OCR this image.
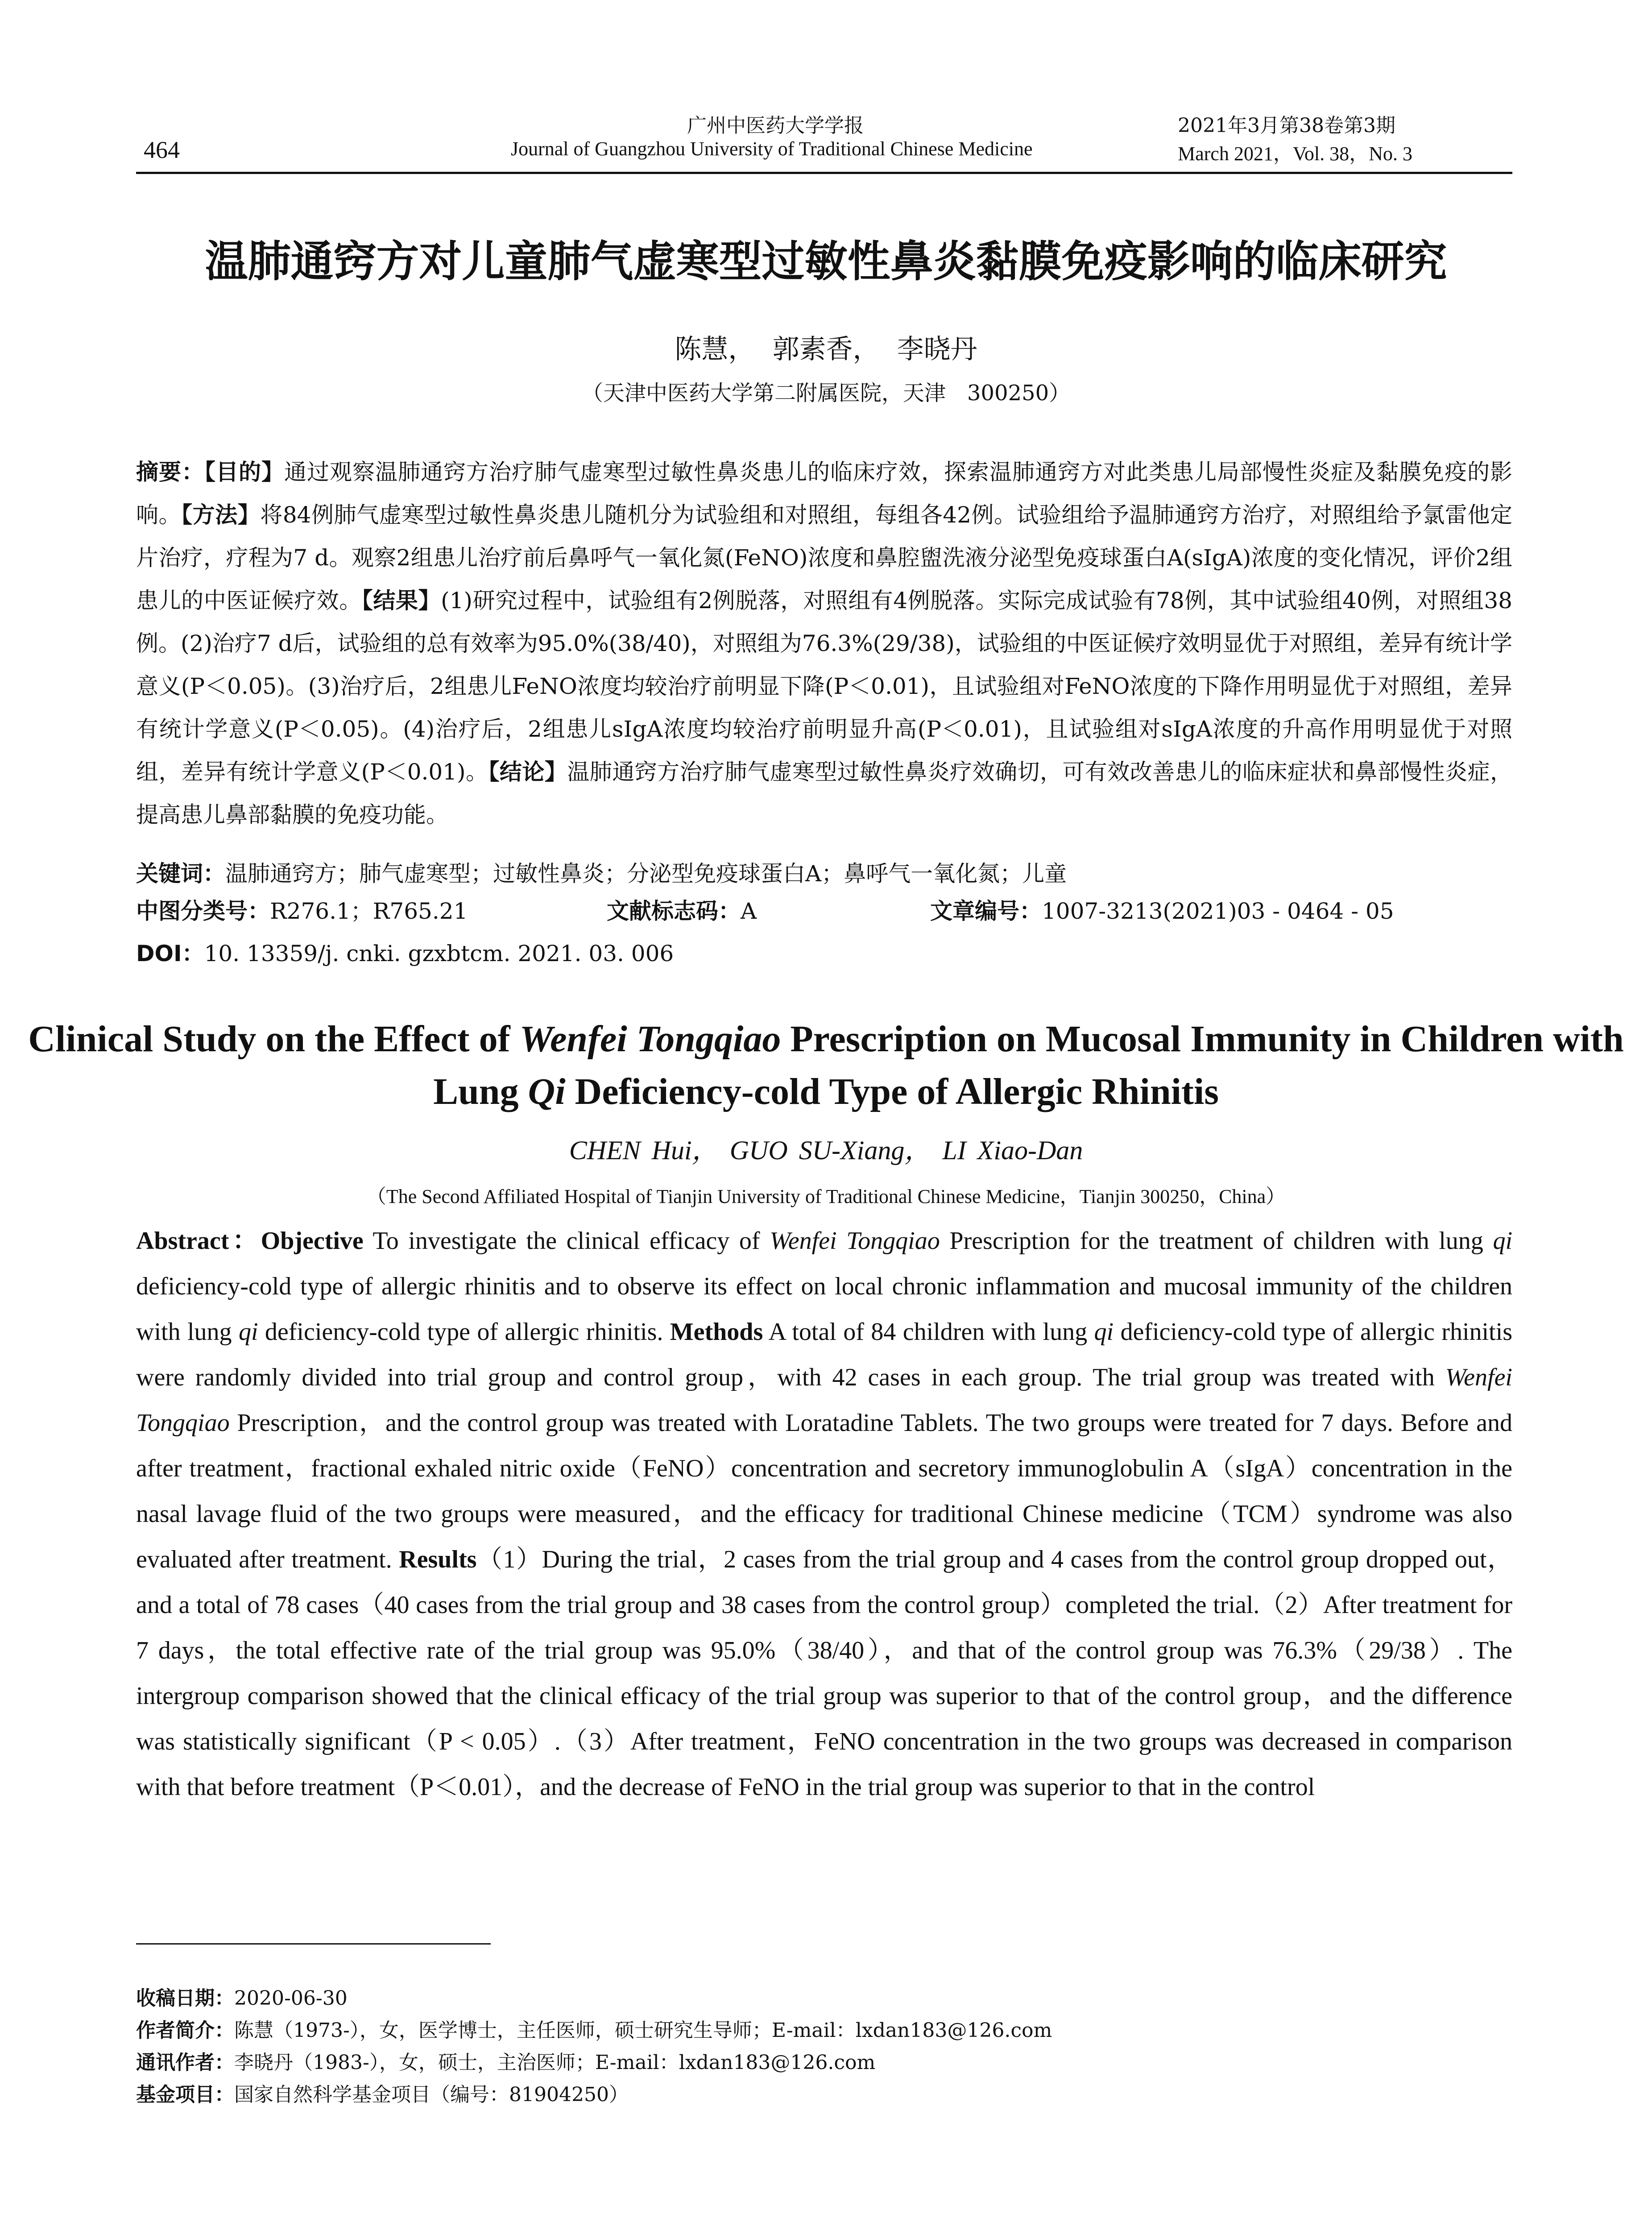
464
广州中医药大学学报
Journal of Guangzhou University of Traditional Chinese Medicine
2021年3月第38卷第3期
March 2021，Vol. 38，No. 3
温肺通窍方对儿童肺气虚寒型过敏性鼻炎黏膜免疫影响的临床研究
陈慧， 郭素香， 李晓丹
（天津中医药大学第二附属医院，天津　300250）
摘要：【目的】通过观察温肺通窍方治疗肺气虚寒型过敏性鼻炎患儿的临床疗效，探索温肺通窍方对此类患儿局部慢性炎症及黏膜免疫的影响。【方法】将84例肺气虚寒型过敏性鼻炎患儿随机分为试验组和对照组，每组各42例。试验组给予温肺通窍方治疗，对照组给予氯雷他定片治疗，疗程为7 d。观察2组患儿治疗前后鼻呼气一氧化氮(FeNO)浓度和鼻腔盥洗液分泌型免疫球蛋白A(sIgA)浓度的变化情况，评价2组患儿的中医证候疗效。【结果】(1)研究过程中，试验组有2例脱落，对照组有4例脱落。实际完成试验有78例，其中试验组40例，对照组38例。(2)治疗7 d后，试验组的总有效率为95.0%(38/40)，对照组为76.3%(29/38)，试验组的中医证候疗效明显优于对照组，差异有统计学意义(P＜0.05)。(3)治疗后，2组患儿FeNO浓度均较治疗前明显下降(P＜0.01)，且试验组对FeNO浓度的下降作用明显优于对照组，差异有统计学意义(P＜0.05)。(4)治疗后，2组患儿sIgA浓度均较治疗前明显升高(P＜0.01)，且试验组对sIgA浓度的升高作用明显优于对照组，差异有统计学意义(P＜0.01)。【结论】温肺通窍方治疗肺气虚寒型过敏性鼻炎疗效确切，可有效改善患儿的临床症状和鼻部慢性炎症，提高患儿鼻部黏膜的免疫功能。
关键词：温肺通窍方；肺气虚寒型；过敏性鼻炎；分泌型免疫球蛋白A；鼻呼气一氧化氮；儿童
中图分类号：R276.1；R765.21	文献标志码：A	文章编号：1007-3213(2021)03 - 0464 - 05
DOI：10. 13359/j. cnki. gzxbtcm. 2021. 03. 006
Clinical Study on the Effect of Wenfei Tongqiao Prescription on Mucosal Immunity in Children with Lung Qi Deficiency-cold Type of Allergic Rhinitis
CHEN Hui， GUO SU-Xiang， LI Xiao-Dan
（The Second Affiliated Hospital of Tianjin University of Traditional Chinese Medicine，Tianjin 300250，China）
Abstract：Objective To investigate the clinical efficacy of Wenfei Tongqiao Prescription for the treatment of children with lung qi deficiency-cold type of allergic rhinitis and to observe its effect on local chronic inflammation and mucosal immunity of the children with lung qi deficiency-cold type of allergic rhinitis. Methods A total of 84 children with lung qi deficiency-cold type of allergic rhinitis were randomly divided into trial group and control group，with 42 cases in each group. The trial group was treated with Wenfei Tongqiao Prescription，and the control group was treated with Loratadine Tablets. The two groups were treated for 7 days. Before and after treatment，fractional exhaled nitric oxide（FeNO）concentration and secretory immunoglobulin A（sIgA）concentration in the nasal lavage fluid of the two groups were measured，and the efficacy for traditional Chinese medicine（TCM）syndrome was also evaluated after treatment. Results（1）During the trial，2 cases from the trial group and 4 cases from the control group dropped out，and a total of 78 cases（40 cases from the trial group and 38 cases from the control group）completed the trial.（2）After treatment for 7 days，the total effective rate of the trial group was 95.0%（38/40），and that of the control group was 76.3%（29/38）. The intergroup comparison showed that the clinical efficacy of the trial group was superior to that of the control group，and the difference was statistically significant（P < 0.05）.（3）After treatment，FeNO concentration in the two groups was decreased in comparison with that before treatment（P＜0.01），and the decrease of FeNO in the trial group was superior to that in the control
收稿日期：2020-06-30
作者简介：陈慧（1973-），女，医学博士，主任医师，硕士研究生导师；E-mail：lxdan183@126.com
通讯作者：李晓丹（1983-），女，硕士，主治医师；E-mail：lxdan183@126.com
基金项目：国家自然科学基金项目（编号：81904250）
